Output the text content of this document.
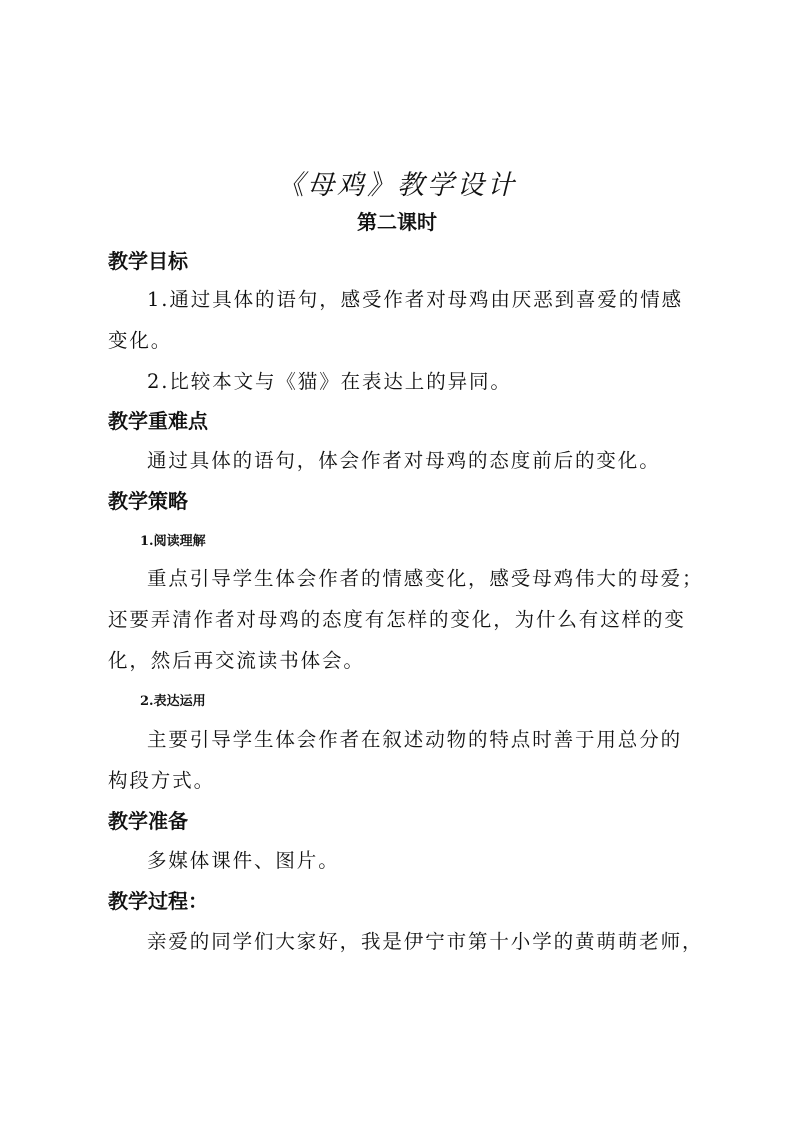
《母鸡》教学设计
第二课时
教学目标
1.通过具体的语句，感受作者对母鸡由厌恶到喜爱的情感
变化。
2.比较本文与《猫》在表达上的异同。
教学重难点
通过具体的语句，体会作者对母鸡的态度前后的变化。
教学策略
1.阅读理解
重点引导学生体会作者的情感变化，感受母鸡伟大的母爱；
还要弄清作者对母鸡的态度有怎样的变化，为什么有这样的变
化，然后再交流读书体会。
2.表达运用
主要引导学生体会作者在叙述动物的特点时善于用总分的
构段方式。
教学准备
多媒体课件、图片。
教学过程：
亲爱的同学们大家好，我是伊宁市第十小学的黄萌萌老师，
